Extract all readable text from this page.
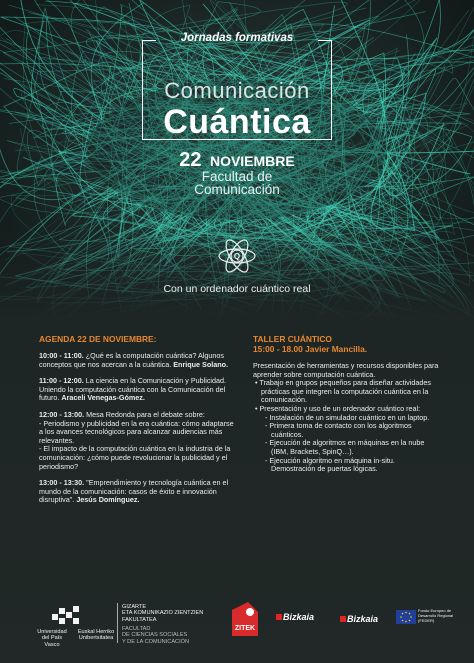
Jornadas formativas
Comunicación
Cuántica
22 NOVIEMBRE
Facultad de
Comunicación
Q
Con un ordenador cuántico real
AGENDA 22 DE NOVIEMBRE:
10:00 - 11:00. ¿Qué es la computación cuántica? Algunos conceptos que nos acercan a la cuántica. Enrique Solano.
11:00 - 12:00. La ciencia en la Comunicación y Publicidad. Uniendo la computación cuántica con la Comunicación del futuro. Araceli Venegas-Gómez.
12:00 - 13:00. Mesa Redonda para el debate sobre:
- Periodismo y publicidad en la era cuántica: cómo adaptarse a los avances tecnológicos para alcanzar audiencias más relevantes.
- El impacto de la computación cuántica en la industria de la comunicación: ¿cómo puede revolucionar la publicidad y el periodismo?
13:00 - 13:30. "Emprendimiento y tecnología cuántica en el mundo de la comunicación: casos de éxito e innovación disruptiva". Jesús Domínguez.
TALLER CUÁNTICO
15:00 - 18.00 Javier Mancilla.
Presentación de herramientas y recursos disponibles para aprender sobre computación cuántica.
• Trabajo en grupos pequeños para diseñar actividades prácticas que integren la computación cuántica en la comunicación.
• Presentación y uso de un ordenador cuántico real:
- Instalación de un simulador cuántico en un laptop.
- Primera toma de contacto con los algoritmos cuánticos.
- Ejecución de algoritmos en máquinas en la nube (IBM, Brackets, SpinQ…).
- Ejecución algoritmo en máquina in-situ. Demostración de puertas lógicas.
Universidad
del País Vasco
Euskal Herriko
Unibertsitatea
GIZARTE
ETA KOMUNIKAZIO ZIENTZIEN
FAKULTATEA
FACULTAD
DE CIENCIAS SOCIALES
Y DE LA COMUNICACIÓN
ZITEK
Bizkaia	Bizkaia
Fondo Europeo de Desarrollo Regional (FEDER)
